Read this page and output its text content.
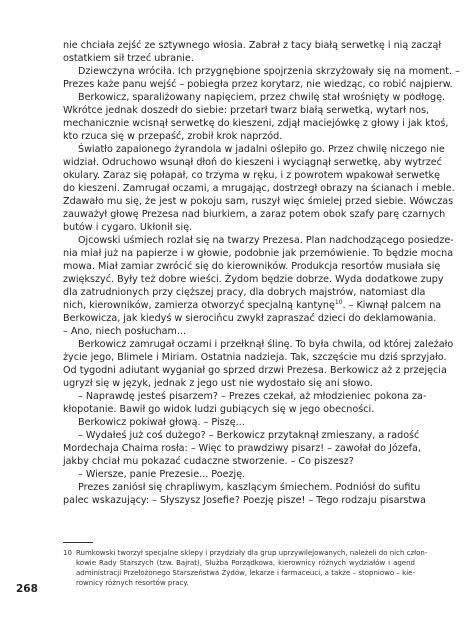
nie chciała zejść ze sztywnego włosia. Zabrał z tacy białą serwetkę i nią zaczął
ostatkiem sił trzeć ubranie.
Dziewczyna wróciła. Ich przygnębione spojrzenia skrzyżowały się na moment. –
Prezes każe panu wejść – pobiegła przez korytarz, nie wiedząc, co robić najpierw.
Berkowicz, sparaliżowany napięciem, przez chwilę stał wrośnięty w podłogę.
Wkrótce jednak doszedł do siebie: przetarł twarz białą serwetką, wytarł nos,
mechanicznie wcisnął serwetkę do kieszeni, zdjął maciejówkę z głowy i jak ktoś,
kto rzuca się w przepaść, zrobił krok naprzód.
Światło zapalonego żyrandola w jadalni oślepiło go. Przez chwilę niczego nie
widział. Odruchowo wsunął dłoń do kieszeni i wyciągnął serwetkę, aby wytrzeć
okulary. Zaraz się połapał, co trzyma w ręku, i z powrotem wpakował serwetkę
do kieszeni. Zamrugał oczami, a mrugając, dostrzegł obrazy na ścianach i meble.
Zdawało mu się, że jest w pokoju sam, ruszył więc śmielej przed siebie. Wówczas
zauważył głowę Prezesa nad biurkiem, a zaraz potem obok szafy parę czarnych
butów i cygaro. Ukłonił się.
Ojcowski uśmiech rozlał się na twarzy Prezesa. Plan nadchodzącego posiedze-
nia miał już na papierze i w głowie, podobnie jak przemówienie. To będzie mocna
mowa. Miał zamiar zwrócić się do kierowników. Produkcja resortów musiała się
zwiększyć. Były też dobre wieści. Żydom będzie dobrze. Wyda dodatkowe zupy
dla zatrudnionych przy cięższej pracy, dla dobrych majstrów, natomiast dla
nich, kierowników, zamierza otworzyć specjalną kantynę$^{10}$. – Kiwnął palcem na
Berkowicza, jak kiedyś w sierocińcu zwykł zapraszać dzieci do deklamowania.
– Ano, niech posłucham...
Berkowicz zamrugał oczami i przełknął ślinę. To była chwila, od której zależało
życie jego, Blimele i Miriam. Ostatnia nadzieja. Tak, szczęście mu dziś sprzyjało.
Od tygodni adiutant wyganiał go sprzed drzwi Prezesa. Berkowicz aż z przejęcia
ugryzł się w język, jednak z jego ust nie wydostało się ani słowo.
– Naprawdę jesteś pisarzem? – Prezes czekał, aż młodzieniec pokona za-
kłopotanie. Bawił go widok ludzi gubiących się w jego obecności.
Berkowicz pokiwał głową. – Piszę...
– Wydałeś już coś dużego? – Berkowicz przytaknął zmieszany, a radość
Mordechaja Chaima rosła: – Więc to prawdziwy pisarz! – zawołał do Józefa,
jakby chciał mu pokazać cudaczne stworzenie. – Co piszesz?
– Wiersze, panie Prezesie... Poezję.
Prezes zaniósł się chrapliwym, kaszlącym śmiechem. Podniósł do sufitu
palec wskazujący: – Słyszysz Josefie? Poezję pisze! – Tego rodzaju pisarstwa
10 Rumkowski tworzył specjalne sklepy i przydziały dla grup uprzywilejowanych, należeli do nich człon-
kowie Rady Starszych (tzw. Bajrat), Służba Porządkowa, kierownicy różnych wydziałów i agend
administracji Przełożonego Starszeństwa Żydów, lekarze i farmaceuci, a także – stopniowo – kie-
rownicy różnych resortów pracy.
268
